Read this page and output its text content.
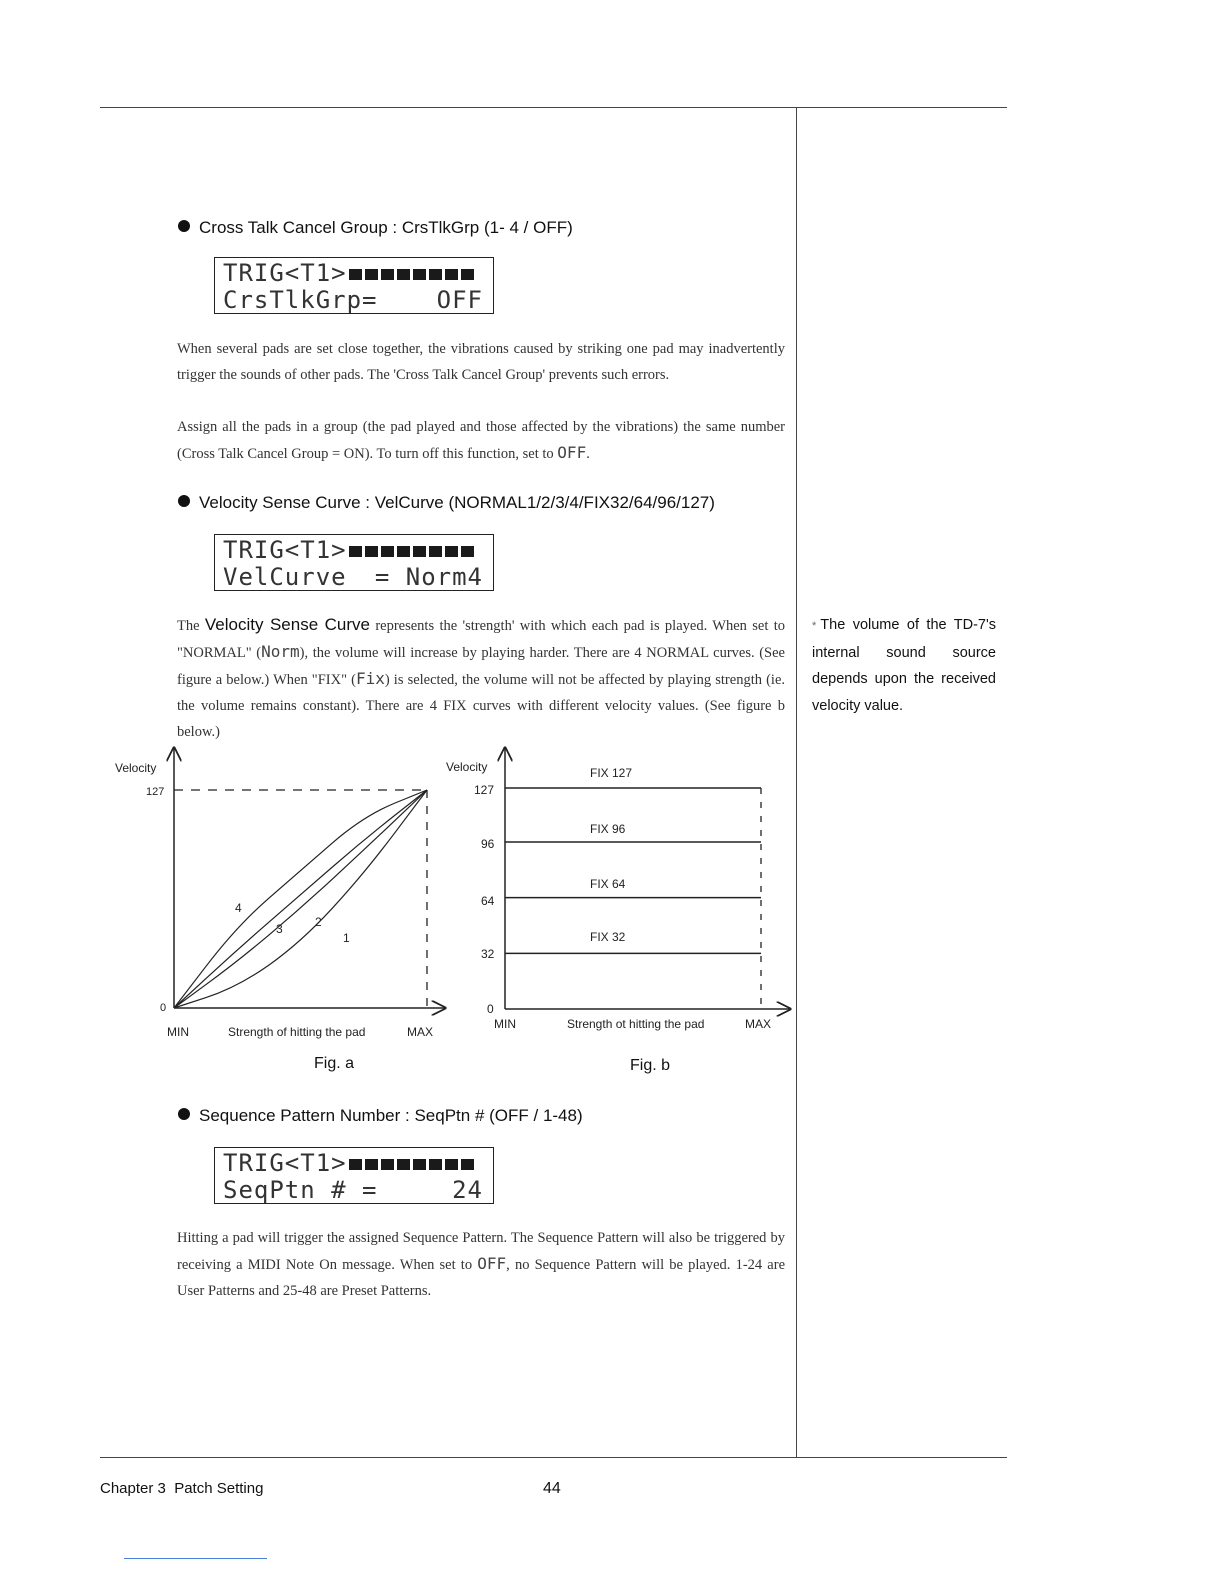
Cross Talk Cancel Group : CrsTlkGrp (1- 4 / OFF)
TRIG<T1>
CrsTlkGrp= OFF
When several pads are set close together, the vibrations caused by striking one pad may inadvertently trigger the sounds of other pads. The 'Cross Talk Cancel Group' prevents such errors.
Assign all the pads in a group (the pad played and those affected by the vibrations) the same number (Cross Talk Cancel Group = ON). To turn off this function, set to OFF.
Velocity Sense Curve : VelCurve (NORMAL1/2/3/4/FIX32/64/96/127)
TRIG<T1>
VelCurve = Norm4
The Velocity Sense Curve represents the 'strength' with which each pad is played. When set to "NORMAL" (Norm), the volume will increase by playing harder. There are 4 NORMAL curves. (See figure a below.) When "FIX" (Fix) is selected, the volume will not be affected by playing strength (ie. the volume remains constant). There are 4 FIX curves with different velocity values. (See figure b below.)
* The volume of the TD-7's internal sound source depends upon the received velocity value.
Velocity
127
0
MIN	MAX
Strength of hitting the pad
4
3	2
1
Fig. a
Velocity
127
96
64
32
0
MIN	MAX
Strength ot hitting the pad
FIX 127
FIX 96
FIX 64
FIX 32
Fig. b
Sequence Pattern Number : SeqPtn # (OFF / 1-48)
TRIG<T1>
SeqPtn # =	24
Hitting a pad will trigger the assigned Sequence Pattern. The Sequence Pattern will also be triggered by receiving a MIDI Note On message. When set to OFF, no Sequence Pattern will be played. 1-24 are User Patterns and 25-48 are Preset Patterns.
Chapter 3  Patch Setting	44
